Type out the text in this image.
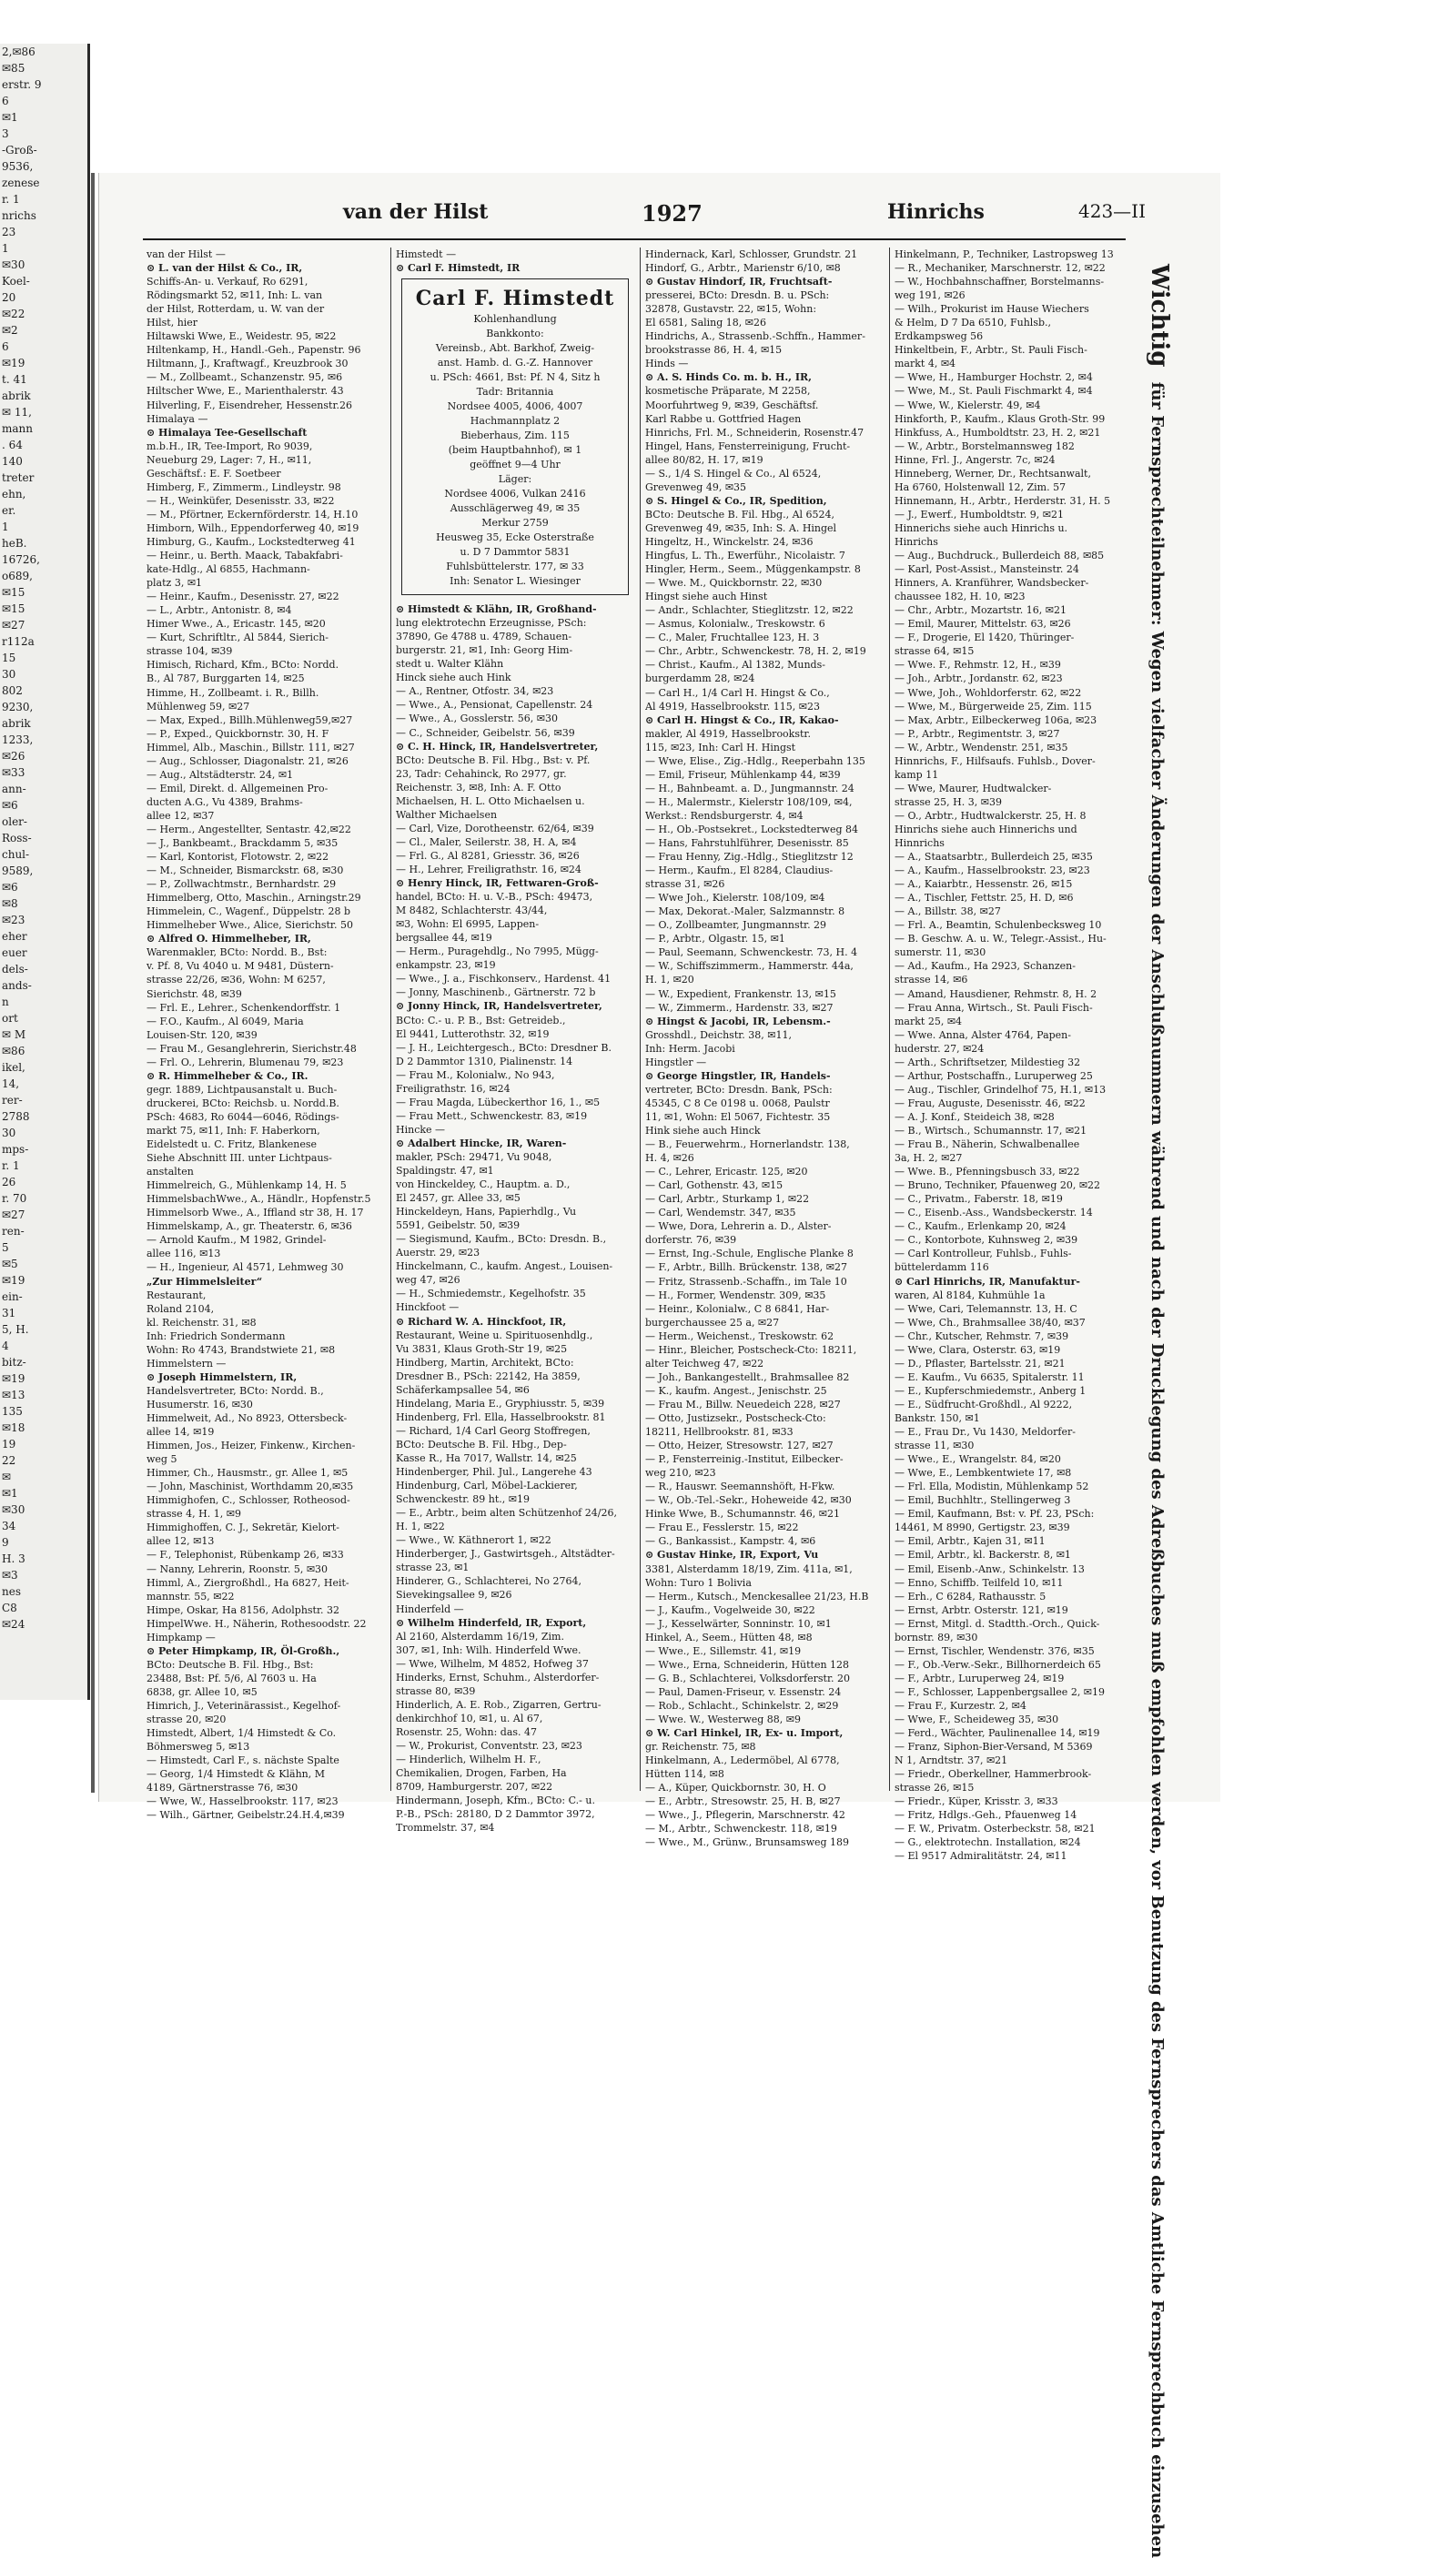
2,✉86
✉85
erstr. 9
6
✉1
3
-Groß-
9536,
zenese
r. 1
nrichs
23
1
✉30
Koel-
20
✉22
✉2
6
✉19
t. 41
abrik
✉ 11,
mann
. 64
140
treter
ehn,
er.
1
heB.
16726,
o689,
✉15
✉15
✉27
r112a
15
30
802
9230,
abrik
1233,
✉26
✉33
ann-
✉6
oler-
Ross-
chul-
9589,
✉6
✉8
✉23
eher
euer
dels-
ands-
n
ort
✉ M
✉86
ikel,
14,
rer-
2788
30
mps-
r. 1
26
r. 70
✉27
ren-
5
✉5
✉19
ein-
31
5, H.
4
bitz-
✉19
✉13
135
✉18
19
22
✉
✉1
✉30
34
9
H. 3
✉3
nes
C8
✉24
van der Hilst	1927	Hinrichs	423—II
van der Hilst —
⊙ L. van der Hilst & Co., IR,
Schiffs-An- u. Verkauf, Ro 6291,
Rödingsmarkt 52, ✉11, Inh: L. van
der Hilst, Rotterdam, u. W. van der
Hilst, hier
Hiltawski Wwe, E., Weidestr. 95, ✉22
Hiltenkamp, H., Handl.-Geh., Papenstr. 96
Hiltmann, J., Kraftwagf., Kreuzbrook 30
— M., Zollbeamt., Schanzenstr. 95, ✉6
Hiltscher Wwe, E., Marienthalerstr. 43
Hilverling, F., Eisendreher, Hessenstr.26
Himalaya —
⊙ Himalaya Tee-Gesellschaft
m.b.H., IR, Tee-Import, Ro 9039,
Neueburg 29, Lager: 7, H., ✉11,
Geschäftsf.: E. F. Soetbeer
Himberg, F., Zimmerm., Lindleystr. 98
— H., Weinküfer, Desenisstr. 33, ✉22
— M., Pförtner, Eckernförderstr. 14, H.10
Himborn, Wilh., Eppendorferweg 40, ✉19
Himburg, G., Kaufm., Lockstedterweg 41
— Heinr., u. Berth. Maack, Tabakfabri-
kate-Hdlg., Al 6855, Hachmann-
platz 3, ✉1
— Heinr., Kaufm., Desenisstr. 27, ✉22
— L., Arbtr., Antonistr. 8, ✉4
Himer Wwe., A., Ericastr. 145, ✉20
— Kurt, Schriftltr., Al 5844, Sierich-
strasse 104, ✉39
Himisch, Richard, Kfm., BCto: Nordd.
B., Al 787, Burggarten 14, ✉25
Himme, H., Zollbeamt. i. R., Billh.
Mühlenweg 59, ✉27
— Max, Exped., Billh.Mühlenweg59,✉27
— P., Exped., Quickbornstr. 30, H. F
Himmel, Alb., Maschin., Billstr. 111, ✉27
— Aug., Schlosser, Diagonalstr. 21, ✉26
— Aug., Altstädterstr. 24, ✉1
— Emil, Direkt. d. Allgemeinen Pro-
ducten A.G., Vu 4389, Brahms-
allee 12, ✉37
— Herm., Angestellter, Sentastr. 42,✉22
— J., Bankbeamt., Brackdamm 5, ✉35
— Karl, Kontorist, Flotowstr. 2, ✉22
— M., Schneider, Bismarckstr. 68, ✉30
— P., Zollwachtmstr., Bernhardstr. 29
Himmelberg, Otto, Maschin., Arningstr.29
Himmelein, C., Wagenf., Düppelstr. 28 b
Himmelheber Wwe., Alice, Sierichstr. 50
⊙ Alfred O. Himmelheber, IR,
Warenmakler, BCto: Nordd. B., Bst:
v. Pf. 8, Vu 4040 u. M 9481, Düstern-
strasse 22/26, ✉36, Wohn: M 6257,
Sierichstr. 48, ✉39
— Frl. E., Lehrer., Schenkendorffstr. 1
— F.O., Kaufm., Al 6049, Maria
Louisen-Str. 120, ✉39
— Frau M., Gesanglehrerin, Sierichstr.48
— Frl. O., Lehrerin, Blumenau 79, ✉23
⊙ R. Himmelheber & Co., IR.
gegr. 1889, Lichtpausanstalt u. Buch-
druckerei, BCto: Reichsb. u. Nordd.B.
PSch: 4683, Ro 6044—6046, Rödings-
markt 75, ✉11, Inh: F. Haberkorn,
Eidelstedt u. C. Fritz, Blankenese
Siehe Abschnitt III. unter Lichtpaus-
anstalten
Himmelreich, G., Mühlenkamp 14, H. 5
HimmelsbachWwe., A., Händlr., Hopfenstr.5
Himmelsorb Wwe., A., Iffland str 38, H. 17
Himmelskamp, A., gr. Theaterstr. 6, ✉36
— Arnold Kaufm., M 1982, Grindel-
allee 116, ✉13
— H., Ingenieur, Al 4571, Lehmweg 30
„Zur Himmelsleiter“
Restaurant,
Roland 2104,
kl. Reichenstr. 31, ✉8
Inh: Friedrich Sondermann
Wohn: Ro 4743, Brandstwiete 21, ✉8
Himmelstern —
⊙ Joseph Himmelstern, IR,
Handelsvertreter, BCto: Nordd. B.,
Husumerstr. 16, ✉30
Himmelweit, Ad., No 8923, Ottersbeck-
allee 14, ✉19
Himmen, Jos., Heizer, Finkenw., Kirchen-
weg 5
Himmer, Ch., Hausmstr., gr. Allee 1, ✉5
— John, Maschinist, Worthdamm 20,✉35
Himmighofen, C., Schlosser, Rotheosod-
strasse 4, H. 1, ✉9
Himmighoffen, C. J., Sekretär, Kielort-
allee 12, ✉13
— F., Telephonist, Rübenkamp 26, ✉33
— Nanny, Lehrerin, Roonstr. 5, ✉30
Himml, A., Ziergroßhdl., Ha 6827, Heit-
mannstr. 55, ✉22
Himpe, Oskar, Ha 8156, Adolphstr. 32
HimpelWwe. H., Näherin, Rothesoodstr. 22
Himpkamp —
⊙ Peter Himpkamp, IR, Öl-Großh.,
BCto: Deutsche B. Fil. Hbg., Bst:
23488, Bst: Pf. 5/6, Al 7603 u. Ha
6838, gr. Allee 10, ✉5
Himrich, J., Veterinärassist., Kegelhof-
strasse 20, ✉20
Himstedt, Albert, 1/4 Himstedt & Co.
Böhmersweg 5, ✉13
— Himstedt, Carl F., s. nächste Spalte
— Georg, 1/4 Himstedt & Klähn, M
4189, Gärtnerstrasse 76, ✉30
— Wwe, W., Hasselbrookstr. 117, ✉23
— Wilh., Gärtner, Geibelstr.24.H.4,✉39
Himstedt —
⊙ Carl F. Himstedt, IR
Carl F. Himstedt
Kohlenhandlung
Bankkonto:
Vereinsb., Abt. Barkhof, Zweig-
anst. Hamb. d. G.-Z. Hannover
u. PSch: 4661, Bst: Pf. N 4, Sitz h
Tadr: Britannia
Nordsee 4005, 4006, 4007
Hachmannplatz 2
Bieberhaus, Zim. 115
(beim Hauptbahnhof), ✉ 1
geöffnet 9—4 Uhr
Läger:
Nordsee 4006, Vulkan 2416
Ausschlägerweg 49, ✉ 35
Merkur 2759
Heusweg 35, Ecke Osterstraße
u. D 7 Dammtor 5831
Fuhlsbüttelerstr. 177, ✉ 33
Inh: Senator L. Wiesinger
⊙ Himstedt & Klähn, IR, Großhand-
lung elektrotechn Erzeugnisse, PSch:
37890, Ge 4788 u. 4789, Schauen-
burgerstr. 21, ✉1, Inh: Georg Him-
stedt u. Walter Klähn
Hinck siehe auch Hink
— A., Rentner, Otfostr. 34, ✉23
— Wwe., A., Pensionat, Capellenstr. 24
— Wwe., A., Gosslerstr. 56, ✉30
— C., Schneider, Geibelstr. 56, ✉39
⊙ C. H. Hinck, IR, Handelsvertreter,
BCto: Deutsche B. Fil. Hbg., Bst: v. Pf.
23, Tadr: Cehahinck, Ro 2977, gr.
Reichenstr. 3, ✉8, Inh: A. F. Otto
Michaelsen, H. L. Otto Michaelsen u.
Walther Michaelsen
— Carl, Vize, Dorotheenstr. 62/64, ✉39
— Cl., Maler, Seilerstr. 38, H. A, ✉4
— Frl. G., Al 8281, Griesstr. 36, ✉26
— H., Lehrer, Freiligrathstr. 16, ✉24
⊙ Henry Hinck, IR, Fettwaren-Groß-
handel, BCto: H. u. V.-B., PSch: 49473,
M 8482, Schlachterstr. 43/44,
✉3, Wohn: El 6995, Lappen-
bergsallee 44, ✉19
— Herm., Puragehdlg., No 7995, Mügg-
enkampstr. 23, ✉19
— Wwe., J. a., Fischkonserv., Hardenst. 41
— Jonny, Maschinenb., Gärtnerstr. 72 b
⊙ Jonny Hinck, IR, Handelsvertreter,
BCto: C.- u. P. B., Bst: Getreideb.,
El 9441, Lutterothstr. 32, ✉19
— J. H., Leichtergesch., BCto: Dresdner B.
D 2 Dammtor 1310, Pialinenstr. 14
— Frau M., Kolonialw., No 943,
Freiligrathstr. 16, ✉24
— Frau Magda, Lübeckerthor 16, 1., ✉5
— Frau Mett., Schwenckestr. 83, ✉19
Hincke —
⊙ Adalbert Hincke, IR, Waren-
makler, PSch: 29471, Vu 9048,
Spaldingstr. 47, ✉1
von Hinckeldey, C., Hauptm. a. D.,
El 2457, gr. Allee 33, ✉5
Hinckeldeyn, Hans, Papierhdlg., Vu
5591, Geibelstr. 50, ✉39
— Siegismund, Kaufm., BCto: Dresdn. B.,
Auerstr. 29, ✉23
Hinckelmann, C., kaufm. Angest., Louisen-
weg 47, ✉26
— H., Schmiedemstr., Kegelhofstr. 35
Hinckfoot —
⊙ Richard W. A. Hinckfoot, IR,
Restaurant, Weine u. Spirituosenhdlg.,
Vu 3831, Klaus Groth-Str 19, ✉25
Hindberg, Martin, Architekt, BCto:
Dresdner B., PSch: 22142, Ha 3859,
Schäferkampsallee 54, ✉6
Hindelang, Maria E., Gryphiusstr. 5, ✉39
Hindenberg, Frl. Ella, Hasselbrookstr. 81
— Richard, 1/4 Carl Georg Stoffregen,
BCto: Deutsche B. Fil. Hbg., Dep-
Kasse R., Ha 7017, Wallstr. 14, ✉25
Hindenberger, Phil. Jul., Langerehe 43
Hindenburg, Carl, Möbel-Lackierer,
Schwenckestr. 89 ht., ✉19
— E., Arbtr., beim alten Schützenhof 24/26,
H. 1, ✉22
— Wwe., W. Käthnerort 1, ✉22
Hinderberger, J., Gastwirtsgeh., Altstädter-
strasse 23, ✉1
Hinderer, G., Schlachterei, No 2764,
Sievekingsallee 9, ✉26
Hinderfeld —
⊙ Wilhelm Hinderfeld, IR, Export,
Al 2160, Alsterdamm 16/19, Zim.
307, ✉1, Inh: Wilh. Hinderfeld Wwe.
— Wwe, Wilhelm, M 4852, Hofweg 37
Hinderks, Ernst, Schuhm., Alsterdorfer-
strasse 80, ✉39
Hinderlich, A. E. Rob., Zigarren, Gertru-
denkirchhof 10, ✉1, u. Al 67,
Rosenstr. 25, Wohn: das. 47
— W., Prokurist, Conventstr. 23, ✉23
— Hinderlich, Wilhelm H. F.,
Chemikalien, Drogen, Farben, Ha
8709, Hamburgerstr. 207, ✉22
Hindermann, Joseph, Kfm., BCto: C.- u.
P.-B., PSch: 28180, D 2 Dammtor 3972,
Trommelstr. 37, ✉4
Hindernack, Karl, Schlosser, Grundstr. 21
Hindorf, G., Arbtr., Marienstr 6/10, ✉8
⊙ Gustav Hindorf, IR, Fruchtsaft-
presserei, BCto: Dresdn. B. u. PSch:
32878, Gustavstr. 22, ✉15, Wohn:
El 6581, Saling 18, ✉26
Hindrichs, A., Strassenb.-Schffn., Hammer-
brookstrasse 86, H. 4, ✉15
Hinds —
⊙ A. S. Hinds Co. m. b. H., IR,
kosmetische Präparate, M 2258,
Moorfuhrtweg 9, ✉39, Geschäftsf.
Karl Rabbe u. Gottfried Hagen
Hinrichs, Frl. M., Schneiderin, Rosenstr.47
Hingel, Hans, Fensterreinigung, Frucht-
allee 80/82, H. 17, ✉19
— S., 1/4 S. Hingel & Co., Al 6524,
Grevenweg 49, ✉35
⊙ S. Hingel & Co., IR, Spedition,
BCto: Deutsche B. Fil. Hbg., Al 6524,
Grevenweg 49, ✉35, Inh: S. A. Hingel
Hingeltz, H., Winckelstr. 24, ✉36
Hingfus, L. Th., Ewerführ., Nicolaistr. 7
Hingler, Herm., Seem., Müggenkampstr. 8
— Wwe. M., Quickbornstr. 22, ✉30
Hingst siehe auch Hinst
— Andr., Schlachter, Stieglitzstr. 12, ✉22
— Asmus, Kolonialw., Treskowstr. 6
— C., Maler, Fruchtallee 123, H. 3
— Chr., Arbtr., Schwenckestr. 78, H. 2, ✉19
— Christ., Kaufm., Al 1382, Munds-
burgerdamm 28, ✉24
— Carl H., 1/4 Carl H. Hingst & Co.,
Al 4919, Hasselbrookstr. 115, ✉23
⊙ Carl H. Hingst & Co., IR, Kakao-
makler, Al 4919, Hasselbrookstr.
115, ✉23, Inh: Carl H. Hingst
— Wwe, Elise., Zig.-Hdlg., Reeperbahn 135
— Emil, Friseur, Mühlenkamp 44, ✉39
— H., Bahnbeamt. a. D., Jungmannstr. 24
— H., Malermstr., Kielerstr 108/109, ✉4,
Werkst.: Rendsburgerstr. 4, ✉4
— H., Ob.-Postsekret., Lockstedterweg 84
— Hans, Fahrstuhlführer, Desenisstr. 85
— Frau Henny, Zig.-Hdlg., Stieglitzstr 12
— Herm., Kaufm., El 8284, Claudius-
strasse 31, ✉26
— Wwe Joh., Kielerstr. 108/109, ✉4
— Max, Dekorat.-Maler, Salzmannstr. 8
— O., Zollbeamter, Jungmannstr. 29
— P., Arbtr., Olgastr. 15, ✉1
— Paul, Seemann, Schwenckestr. 73, H. 4
— W., Schiffszimmerm., Hammerstr. 44a,
H. 1, ✉20
— W., Expedient, Frankenstr. 13, ✉15
— W., Zimmerm., Hardenstr. 33, ✉27
⊙ Hingst & Jacobi, IR, Lebensm.-
Grosshdl., Deichstr. 38, ✉11,
Inh: Herm. Jacobi
Hingstler —
⊙ George Hingstler, IR, Handels-
vertreter, BCto: Dresdn. Bank, PSch:
45345, C 8 Ce 0198 u. 0068, Paulstr
11, ✉1, Wohn: El 5067, Fichtestr. 35
Hink siehe auch Hinck
— B., Feuerwehrm., Hornerlandstr. 138,
H. 4, ✉26
— C., Lehrer, Ericastr. 125, ✉20
— Carl, Gothenstr. 43, ✉15
— Carl, Arbtr., Sturkamp 1, ✉22
— Carl, Wendemstr. 347, ✉35
— Wwe, Dora, Lehrerin a. D., Alster-
dorferstr. 76, ✉39
— Ernst, Ing.-Schule, Englische Planke 8
— F., Arbtr., Billh. Brückenstr. 138, ✉27
— Fritz, Strassenb.-Schaffn., im Tale 10
— H., Former, Wendenstr. 309, ✉35
— Heinr., Kolonialw., C 8 6841, Har-
burgerchaussee 25 a, ✉27
— Herm., Weichenst., Treskowstr. 62
— Hinr., Bleicher, Postscheck-Cto: 18211,
alter Teichweg 47, ✉22
— Joh., Bankangestellt., Brahmsallee 82
— K., kaufm. Angest., Jenischstr. 25
— Frau M., Billw. Neuedeich 228, ✉27
— Otto, Justizsekr., Postscheck-Cto:
18211, Hellbrookstr. 81, ✉33
— Otto, Heizer, Stresowstr. 127, ✉27
— P., Fensterreinig.-Institut, Eilbecker-
weg 210, ✉23
— R., Hauswr. Seemannshöft, H-Fkw.
— W., Ob.-Tel.-Sekr., Hoheweide 42, ✉30
Hinke Wwe, B., Schumannstr. 46, ✉21
— Frau E., Fesslerstr. 15, ✉22
— G., Bankassist., Kampstr. 4, ✉6
⊙ Gustav Hinke, IR, Export, Vu
3381, Alsterdamm 18/19, Zim. 411a, ✉1,
Wohn: Turo 1 Bolivia
— Herm., Kutsch., Menckesallee 21/23, H.B
— J., Kaufm., Vogelweide 30, ✉22
— J., Kesselwärter, Sonninstr. 10, ✉1
Hinkel, A., Seem., Hütten 48, ✉8
— Wwe., E., Sillemstr. 41, ✉19
— Wwe., Erna, Schneiderin, Hütten 128
— G. B., Schlachterei, Volksdorferstr. 20
— Paul, Damen-Friseur, v. Essenstr. 24
— Rob., Schlacht., Schinkelstr. 2, ✉29
— Wwe. W., Westerweg 88, ✉9
⊙ W. Carl Hinkel, IR, Ex- u. Import,
gr. Reichenstr. 75, ✉8
Hinkelmann, A., Ledermöbel, Al 6778,
Hütten 114, ✉8
— A., Küper, Quickbornstr. 30, H. O
— E., Arbtr., Stresowstr. 25, H. B, ✉27
— Wwe., J., Pflegerin, Marschnerstr. 42
— M., Arbtr., Schwenckestr. 118, ✉19
— Wwe., M., Grünw., Brunsamsweg 189
Hinkelmann, P., Techniker, Lastropsweg 13
— R., Mechaniker, Marschnerstr. 12, ✉22
— W., Hochbahnschaffner, Borstelmanns-
weg 191, ✉26
— Wilh., Prokurist im Hause Wiechers
& Helm, D 7 Da 6510, Fuhlsb.,
Erdkampsweg 56
Hinkeltbein, F., Arbtr., St. Pauli Fisch-
markt 4, ✉4
— Wwe, H., Hamburger Hochstr. 2, ✉4
— Wwe, M., St. Pauli Fischmarkt 4, ✉4
— Wwe, W., Kielerstr. 49, ✉4
Hinkforth, P., Kaufm., Klaus Groth-Str. 99
Hinkfuss, A., Humboldtstr. 23, H. 2, ✉21
— W., Arbtr., Borstelmannsweg 182
Hinne, Frl. J., Angerstr. 7c, ✉24
Hinneberg, Werner, Dr., Rechtsanwalt,
Ha 6760, Holstenwall 12, Zim. 57
Hinnemann, H., Arbtr., Herderstr. 31, H. 5
— J., Ewerf., Humboldtstr. 9, ✉21
Hinnerichs siehe auch Hinrichs u.
Hinrichs
— Aug., Buchdruck., Bullerdeich 88, ✉85
— Karl, Post-Assist., Mansteinstr. 24
Hinners, A. Kranführer, Wandsbecker-
chaussee 182, H. 10, ✉23
— Chr., Arbtr., Mozartstr. 16, ✉21
— Emil, Maurer, Mittelstr. 63, ✉26
— F., Drogerie, El 1420, Thüringer-
strasse 64, ✉15
— Wwe. F., Rehmstr. 12, H., ✉39
— Joh., Arbtr., Jordanstr. 62, ✉23
— Wwe, Joh., Wohldorferstr. 62, ✉22
— Wwe, M., Bürgerweide 25, Zim. 115
— Max, Arbtr., Eilbeckerweg 106a, ✉23
— P., Arbtr., Regimentstr. 3, ✉27
— W., Arbtr., Wendenstr. 251, ✉35
Hinnrichs, F., Hilfsaufs. Fuhlsb., Dover-
kamp 11
— Wwe, Maurer, Hudtwalcker-
strasse 25, H. 3, ✉39
— O., Arbtr., Hudtwalckerstr. 25, H. 8
Hinrichs siehe auch Hinnerichs und
Hinnrichs
— A., Staatsarbtr., Bullerdeich 25, ✉35
— A., Kaufm., Hasselbrookstr. 23, ✉23
— A., Kaiarbtr., Hessenstr. 26, ✉15
— A., Tischler, Fettstr. 25, H. D, ✉6
— A., Billstr. 38, ✉27
— Frl. A., Beamtin, Schulenbecksweg 10
— B. Geschw. A. u. W., Telegr.-Assist., Hu-
sumerstr. 11, ✉30
— Ad., Kaufm., Ha 2923, Schanzen-
strasse 14, ✉6
— Amand, Hausdiener, Rehmstr. 8, H. 2
— Frau Anna, Wirtsch., St. Pauli Fisch-
markt 25, ✉4
— Wwe. Anna, Alster 4764, Papen-
huderstr. 27, ✉24
— Arth., Schriftsetzer, Mildestieg 32
— Arthur, Postschaffn., Luruperweg 25
— Aug., Tischler, Grindelhof 75, H.1, ✉13
— Frau, Auguste, Desenisstr. 46, ✉22
— A. J. Konf., Steideich 38, ✉28
— B., Wirtsch., Schumannstr. 17, ✉21
— Frau B., Näherin, Schwalbenallee
3a, H. 2, ✉27
— Wwe. B., Pfenningsbusch 33, ✉22
— Bruno, Techniker, Pfauenweg 20, ✉22
— C., Privatm., Faberstr. 18, ✉19
— C., Eisenb.-Ass., Wandsbeckerstr. 14
— C., Kaufm., Erlenkamp 20, ✉24
— C., Kontorbote, Kuhnsweg 2, ✉39
— Carl Kontrolleur, Fuhlsb., Fuhls-
büttelerdamm 116
⊙ Carl Hinrichs, IR, Manufaktur-
waren, Al 8184, Kuhmühle 1a
— Wwe, Cari, Telemannstr. 13, H. C
— Wwe, Ch., Brahmsallee 38/40, ✉37
— Chr., Kutscher, Rehmstr. 7, ✉39
— Wwe, Clara, Osterstr. 63, ✉19
— D., Pflaster, Bartelsstr. 21, ✉21
— E. Kaufm., Vu 6635, Spitalerstr. 11
— E., Kupferschmiedemstr., Anberg 1
— E., Südfrucht-Großhdl., Al 9222,
Bankstr. 150, ✉1
— E., Frau Dr., Vu 1430, Meldorfer-
strasse 11, ✉30
— Wwe., E., Wrangelstr. 84, ✉20
— Wwe, E., Lembkentwiete 17, ✉8
— Frl. Ella, Modistin, Mühlenkamp 52
— Emil, Buchhltr., Stellingerweg 3
— Emil, Kaufmann, Bst: v. Pf. 23, PSch:
14461, M 8990, Gertigstr. 23, ✉39
— Emil, Arbtr., Kajen 31, ✉11
— Emil, Arbtr., kl. Backerstr. 8, ✉1
— Emil, Eisenb.-Anw., Schinkelstr. 13
— Enno, Schiffb. Teilfeld 10, ✉11
— Erh., C 6284, Rathausstr. 5
— Ernst, Arbtr. Osterstr. 121, ✉19
— Ernst, Mitgl. d. Stadtth.-Orch., Quick-
bornstr. 89, ✉30
— Ernst, Tischler, Wendenstr. 376, ✉35
— F., Ob.-Verw.-Sekr., Billhornerdeich 65
— F., Arbtr., Luruperweg 24, ✉19
— F., Schlosser, Lappenbergsallee 2, ✉19
— Frau F., Kurzestr. 2, ✉4
— Wwe, F., Scheideweg 35, ✉30
— Ferd., Wächter, Paulinenallee 14, ✉19
— Franz, Siphon-Bier-Versand, M 5369
N 1, Arndtstr. 37, ✉21
— Friedr., Oberkellner, Hammerbrook-
strasse 26, ✉15
— Friedr., Küper, Krisstr. 3, ✉33
— Fritz, Hdlgs.-Geh., Pfauenweg 14
— F. W., Privatm. Osterbeckstr. 58, ✉21
— G., elektrotechn. Installation, ✉24
— El 9517 Admiralitätstr. 24, ✉11
Wichtig für Fernsprechteilnehmer: Wegen vielfacher Änderungen der Anschlußnummern während und nach der Drucklegung des Adreßbuches muß empfohlen werden, vor Benutzung des Fernsprechers das Amtliche Fernsprechbuch einzusehen
